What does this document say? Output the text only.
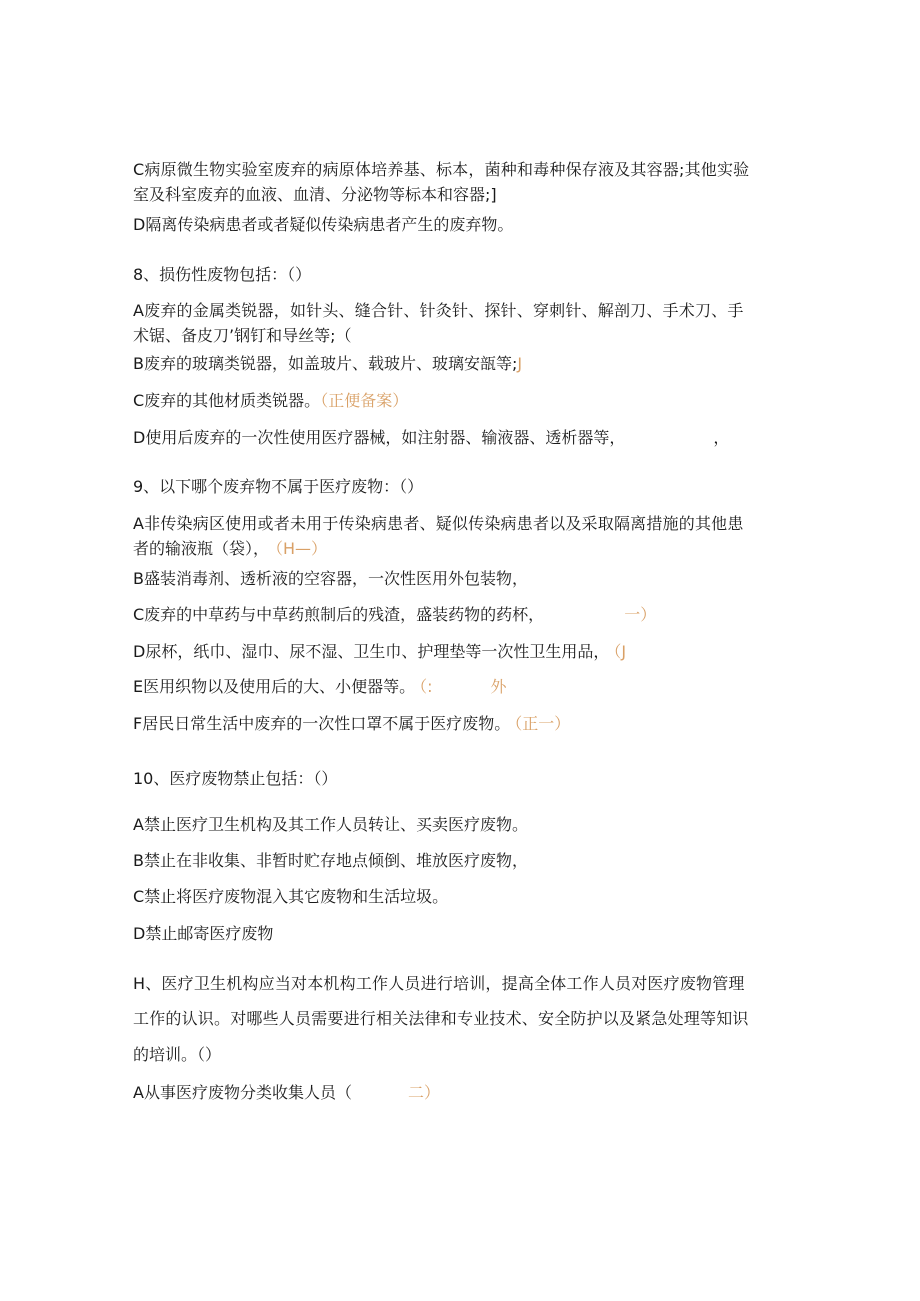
C病原微生物实验室废弃的病原体培养基、标本，菌种和毒种保存液及其容器;其他实验
室及科室废弃的血液、血清、分泌物等标本和容器;]
D隔离传染病患者或者疑似传染病患者产生的废弃物。
8、损伤性废物包括：（）
A废弃的金属类锐器，如针头、缝合针、针灸针、探针、穿刺针、解剖刀、手术刀、手
术锯、备皮刀’钢钉和导丝等;（
B废弃的玻璃类锐器，如盖玻片、载玻片、玻璃安瓿等;J
C废弃的其他材质类锐器。（正便备案）
D使用后废弃的一次性使用医疗器械，如注射器、输液器、透析器等，	，
9、以下哪个废弃物不属于医疗废物：（）
A非传染病区使用或者未用于传染病患者、疑似传染病患者以及采取隔离措施的其他患
者的输液瓶（袋）， （H—）
B盛装消毒剂、透析液的空容器，一次性医用外包装物，
C废弃的中草药与中草药煎制后的残渣，盛装药物的药杯，	一）
D尿杯，纸巾、湿巾、尿不湿、卫生巾、护理垫等一次性卫生用品， （J
E医用织物以及使用后的大、小便器等。 （:	外
F居民日常生活中废弃的一次性口罩不属于医疗废物。 （正一）
10、医疗废物禁止包括：（）
A禁止医疗卫生机构及其工作人员转让、买卖医疗废物。
B禁止在非收集、非暂时贮存地点倾倒、堆放医疗废物，
C禁止将医疗废物混入其它废物和生活垃圾。
D禁止邮寄医疗废物
H、医疗卫生机构应当对本机构工作人员进行培训，提高全体工作人员对医疗废物管理
工作的认识。对哪些人员需要进行相关法律和专业技术、安全防护以及紧急处理等知识
的培训。（）
A从事医疗废物分类收集人员（	二）
